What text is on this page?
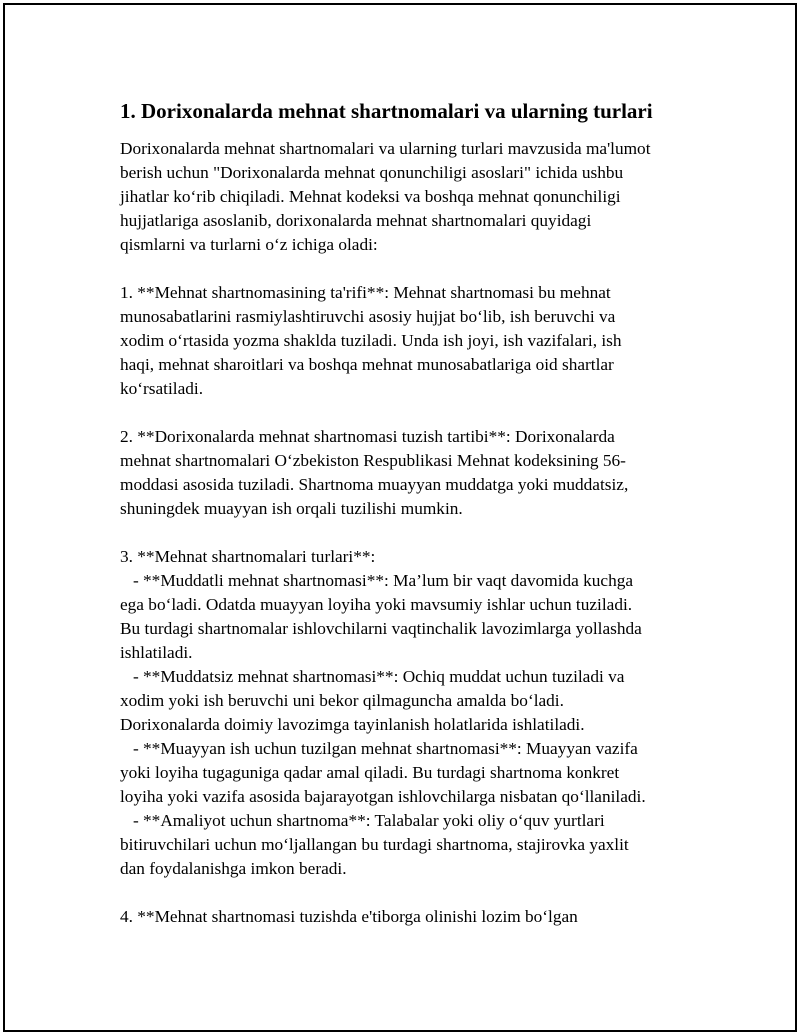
1. Dorixonalarda mehnat shartnomalari va ularning turlari

Dorixonalarda mehnat shartnomalari va ularning turlari mavzusida ma'lumot

berish uchun "Dorixonalarda mehnat qonunchiligi asoslari" ichida ushbu

jihatlar ko‘rib chiqiladi. Mehnat kodeksi va boshqa mehnat qonunchiligi

hujjatlariga asoslanib, dorixonalarda mehnat shartnomalari quyidagi

qismlarni va turlarni o‘z ichiga oladi:

1. **Mehnat shartnomasining ta'rifi**: Mehnat shartnomasi bu mehnat

munosabatlarini rasmiylashtiruvchi asosiy hujjat bo‘lib, ish beruvchi va

xodim o‘rtasida yozma shaklda tuziladi. Unda ish joyi, ish vazifalari, ish

haqi, mehnat sharoitlari va boshqa mehnat munosabatlariga oid shartlar

ko‘rsatiladi.

2. **Dorixonalarda mehnat shartnomasi tuzish tartibi**: Dorixonalarda

mehnat shartnomalari O‘zbekiston Respublikasi Mehnat kodeksining 56-

moddasi asosida tuziladi. Shartnoma muayyan muddatga yoki muddatsiz,

shuningdek muayyan ish orqali tuzilishi mumkin.

3. **Mehnat shartnomalari turlari**:

- **Muddatli mehnat shartnomasi**: Ma’lum bir vaqt davomida kuchga

ega bo‘ladi. Odatda muayyan loyiha yoki mavsumiy ishlar uchun tuziladi.

Bu turdagi shartnomalar ishlovchilarni vaqtinchalik lavozimlarga yollashda

ishlatiladi.

- **Muddatsiz mehnat shartnomasi**: Ochiq muddat uchun tuziladi va

xodim yoki ish beruvchi uni bekor qilmaguncha amalda bo‘ladi.

Dorixonalarda doimiy lavozimga tayinlanish holatlarida ishlatiladi.

- **Muayyan ish uchun tuzilgan mehnat shartnomasi**: Muayyan vazifa

yoki loyiha tugaguniga qadar amal qiladi. Bu turdagi shartnoma konkret

loyiha yoki vazifa asosida bajarayotgan ishlovchilarga nisbatan qo‘llaniladi.

- **Amaliyot uchun shartnoma**: Talabalar yoki oliy o‘quv yurtlari

bitiruvchilari uchun mo‘ljallangan bu turdagi shartnoma, stajirovka yaxlit

dan foydalanishga imkon beradi.

4. **Mehnat shartnomasi tuzishda e'tiborga olinishi lozim bo‘lgan
